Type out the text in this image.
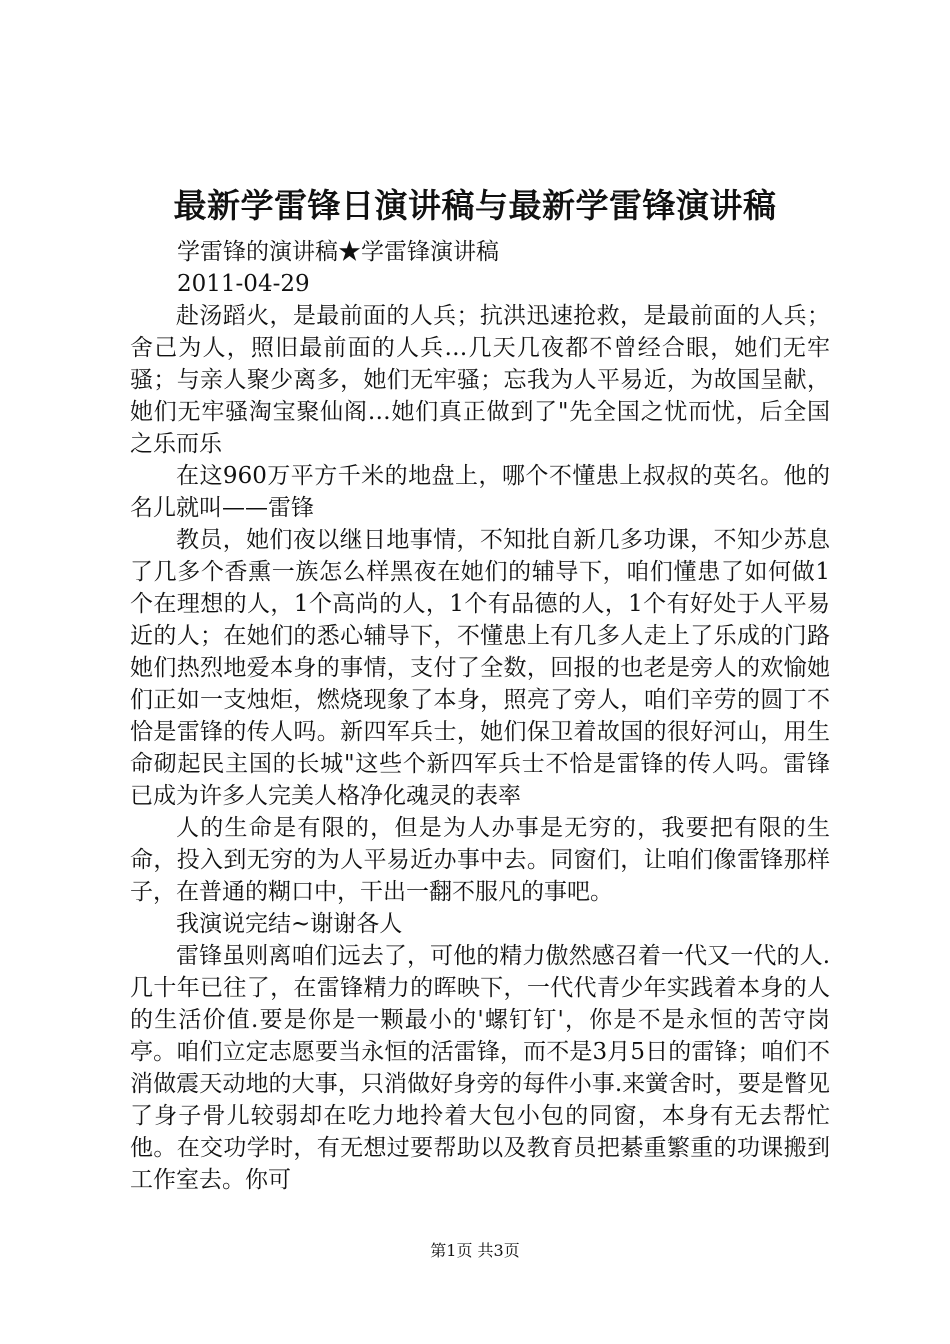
最新学雷锋日演讲稿与最新学雷锋演讲稿
学雷锋的演讲稿★学雷锋演讲稿
2011-04-29

赴汤蹈火，是最前面的人兵；抗洪迅速抢救，是最前面的人兵；舍己为人，照旧最前面的人兵…几天几夜都不曾经合眼，她们无牢骚；与亲人聚少离多，她们无牢骚；忘我为人平易近，为故国呈献，她们无牢骚淘宝聚仙阁…她们真正做到了"先全国之忧而忧，后全国之乐而乐

在这960万平方千米的地盘上，哪个不懂患上叔叔的英名。他的名儿就叫——雷锋

教员，她们夜以继日地事情，不知批自新几多功课，不知少苏息了几多个香熏一族怎么样黑夜在她们的辅导下，咱们懂患了如何做1个在理想的人，1个高尚的人，1个有品德的人，1个有好处于人平易近的人；在她们的悉心辅导下，不懂患上有几多人走上了乐成的门路她们热烈地爱本身的事情，支付了全数，回报的也老是旁人的欢愉她们正如一支烛炬，燃烧现象了本身，照亮了旁人，咱们辛劳的圆丁不恰是雷锋的传人吗。新四军兵士，她们保卫着故国的很好河山，用生命砌起民主国的长城"这些个新四军兵士不恰是雷锋的传人吗。雷锋已成为许多人完美人格净化魂灵的表率

人的生命是有限的，但是为人办事是无穷的，我要把有限的生命，投入到无穷的为人平易近办事中去。同窗们，让咱们像雷锋那样子，在普通的糊口中，干出一翻不服凡的事吧。

我演说完结~谢谢各人

雷锋虽则离咱们远去了，可他的精力傲然感召着一代又一代的人.几十年已往了，在雷锋精力的晖映下，一代代青少年实践着本身的人的生活价值.要是你是一颗最小的'螺钉钉'，你是不是永恒的苦守岗亭。咱们立定志愿要当永恒的活雷锋，而不是3月5日的雷锋；咱们不消做震天动地的大事，只消做好身旁的每件小事.来黉舍时，要是瞥见了身子骨儿较弱却在吃力地拎着大包小包的同窗，本身有无去帮忙他。在交功学时，有无想过要帮助以及教育员把綦重繁重的功课搬到工作室去。你可

第1页 共3页
